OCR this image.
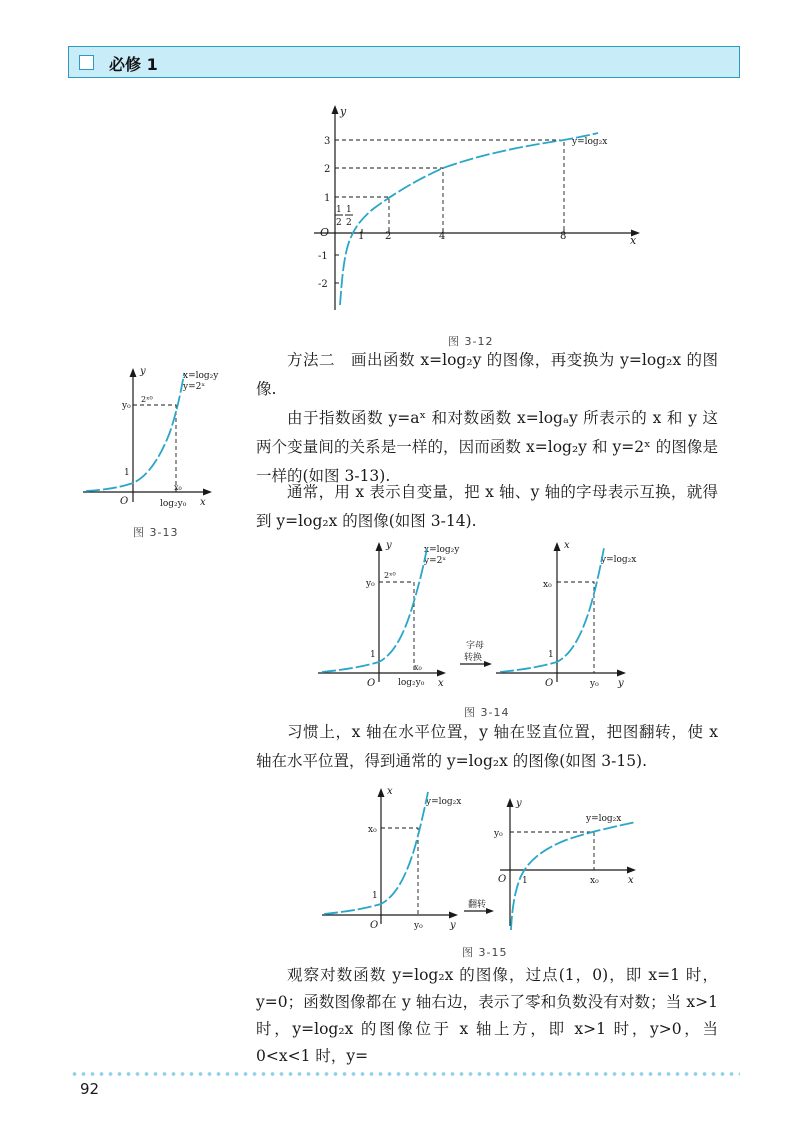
必修 1
y
x
O	1 2	4	8
1
2
1
2
3
2
1
-1
-2
y=log₂x
图 3-12
y
x
O
x=log₂y
y=2ˣ
y₀
2ˣ⁰
1
x₀
log₂y₀
图 3-13

方法二　画出函数 x=log₂y 的图像，再变换为 y=log₂x 的图像.

由于指数函数 y=aˣ 和对数函数 x=logₐy 所表示的 x 和 y 这两个变量间的关系是一样的，因而函数 x=log₂y 和 y=2ˣ 的图像是一样的(如图 3-13).

通常，用 x 表示自变量，把 x 轴、y 轴的字母表示互换，就得到 y=log₂x 的图像(如图 3-14).

y
x
O
x=log₂y
y=2ˣ
y₀
2ˣ⁰
1
x₀
log₂y₀
字母
转换
x
y
O
y=log₂x
x₀
1
y₀
图 3-14

习惯上，x 轴在水平位置，y 轴在竖直位置，把图翻转，使 x 轴在水平位置，得到通常的 y=log₂x 的图像(如图 3-15).

x
y
O
y=log₂x
x₀
1
y₀
翻转
y
x
O
y=log₂x
y₀
1	x₀
图 3-15

观察对数函数 y=log₂x 的图像，过点(1，0)，即 x=1 时，y=0；函数图像都在 y 轴右边，表示了零和负数没有对数；当 x>1 时，y=log₂x 的图像位于 x 轴上方，即 x>1 时，y>0，当 0<x<1 时，y=

92
